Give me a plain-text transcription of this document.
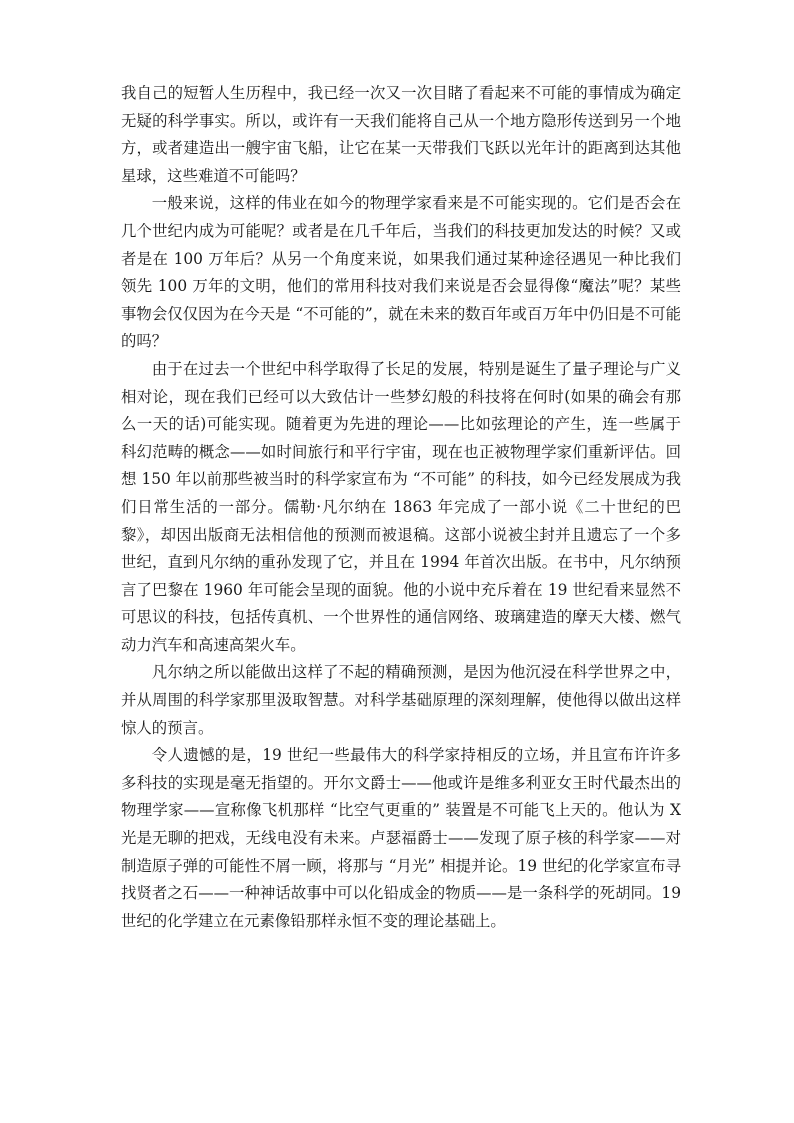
我自己的短暂人生历程中，我已经一次又一次目睹了看起来不可能的事情成为确定无疑的科学事实。所以，或许有一天我们能将自己从一个地方隐形传送到另一个地方，或者建造出一艘宇宙飞船，让它在某一天带我们飞跃以光年计的距离到达其他星球，这些难道不可能吗？

一般来说，这样的伟业在如今的物理学家看来是不可能实现的。它们是否会在几个世纪内成为可能呢？或者是在几千年后，当我们的科技更加发达的时候？又或者是在 100 万年后？从另一个角度来说，如果我们通过某种途径遇见一种比我们领先 100 万年的文明，他们的常用科技对我们来说是否会显得像“魔法”呢？某些事物会仅仅因为在今天是 “不可能的”，就在未来的数百年或百万年中仍旧是不可能的吗？

由于在过去一个世纪中科学取得了长足的发展，特别是诞生了量子理论与广义相对论，现在我们已经可以大致估计一些梦幻般的科技将在何时(如果的确会有那么一天的话)可能实现。随着更为先进的理论——比如弦理论的产生，连一些属于科幻范畴的概念——如时间旅行和平行宇宙，现在也正被物理学家们重新评估。回想 150 年以前那些被当时的科学家宣布为 “不可能” 的科技，如今已经发展成为我们日常生活的一部分。儒勒·凡尔纳在 1863 年完成了一部小说《二十世纪的巴黎》，却因出版商无法相信他的预测而被退稿。这部小说被尘封并且遗忘了一个多世纪，直到凡尔纳的重孙发现了它，并且在 1994 年首次出版。在书中，凡尔纳预言了巴黎在 1960 年可能会呈现的面貌。他的小说中充斥着在 19 世纪看来显然不可思议的科技，包括传真机、一个世界性的通信网络、玻璃建造的摩天大楼、燃气动力汽车和高速高架火车。

凡尔纳之所以能做出这样了不起的精确预测，是因为他沉浸在科学世界之中，并从周围的科学家那里汲取智慧。对科学基础原理的深刻理解，使他得以做出这样惊人的预言。

令人遗憾的是，19 世纪一些最伟大的科学家持相反的立场，并且宣布许许多多科技的实现是毫无指望的。开尔文爵士——他或许是维多利亚女王时代最杰出的物理学家——宣称像飞机那样 “比空气更重的” 装置是不可能飞上天的。他认为 X 光是无聊的把戏，无线电没有未来。卢瑟福爵士——发现了原子核的科学家——对制造原子弹的可能性不屑一顾，将那与 “月光” 相提并论。19 世纪的化学家宣布寻找贤者之石——一种神话故事中可以化铅成金的物质——是一条科学的死胡同。19 世纪的化学建立在元素像铅那样永恒不变的理论基础上。
